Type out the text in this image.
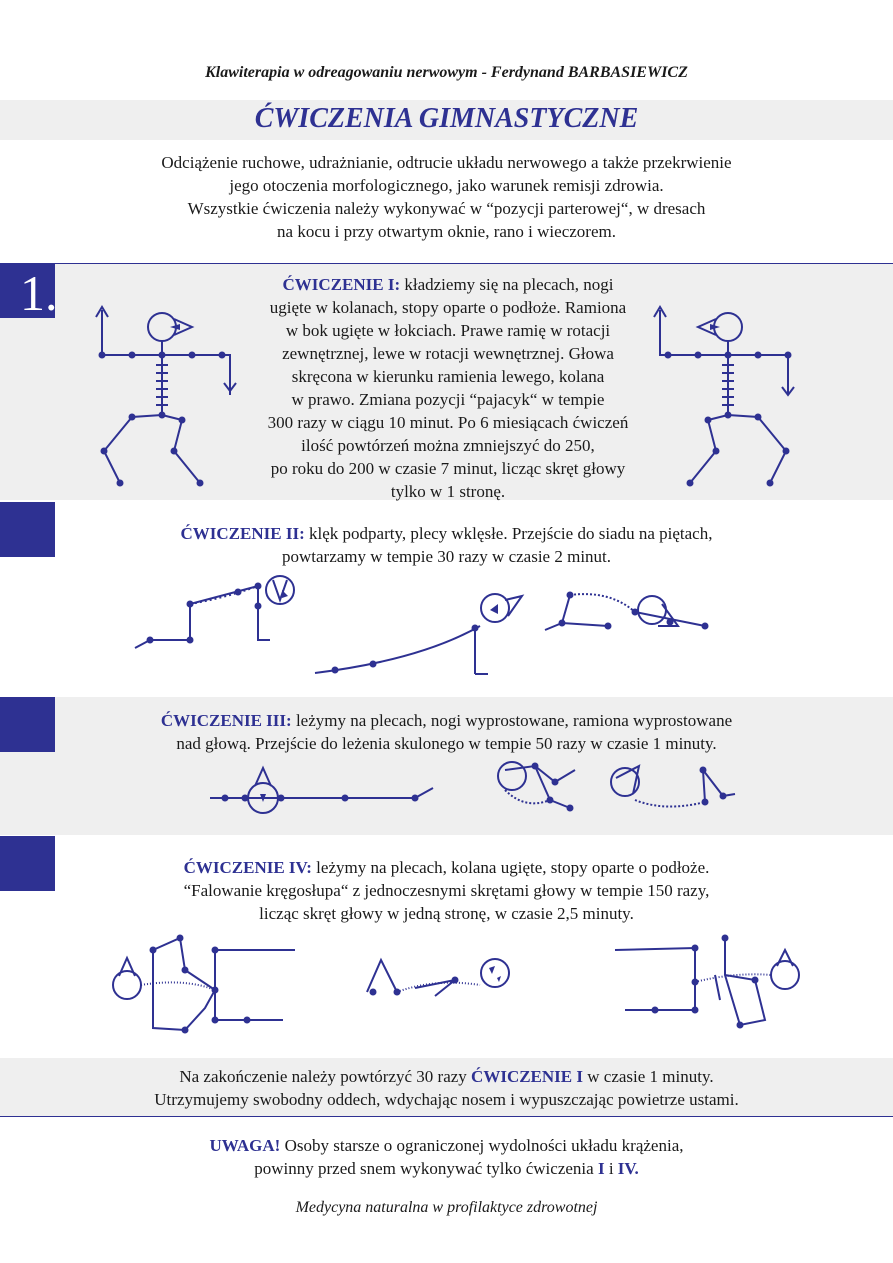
Klawiterapia w odreagowaniu nerwowym - Ferdynand BARBASIEWICZ
ĆWICZENIA GIMNASTYCZNE
Odciążenie ruchowe, udrażnianie, odtrucie układu nerwowego a także przekrwienie
jego otoczenia morfologicznego, jako warunek remisji zdrowia.
Wszystkie ćwiczenia należy wykonywać w “pozycji parterowej“, w dresach
na kocu i przy otwartym oknie, rano i wieczorem.
1.	ĆWICZENIE I: kładziemy się na plecach, nogi
ugięte w kolanach, stopy oparte o podłoże. Ramiona
w bok ugięte w łokciach. Prawe ramię w rotacji
zewnętrznej, lewe w rotacji wewnętrznej. Głowa
skręcona w kierunku ramienia lewego, kolana
w prawo. Zmiana pozycji “pajacyk“ w tempie
300 razy w ciągu 10 minut. Po 6 miesiącach ćwiczeń
ilość powtórzeń można zmniejszyć do 250,
po roku do 200 w czasie 7 minut, licząc skręt głowy
tylko w 1 stronę.
ĆWICZENIE II: klęk podparty, plecy wklęsłe. Przejście do siadu na piętach,
powtarzamy w tempie 30 razy w czasie 2 minut.
ĆWICZENIE III: leżymy na plecach, nogi wyprostowane, ramiona wyprostowane
nad głową. Przejście do leżenia skulonego w tempie 50 razy w czasie 1 minuty.
ĆWICZENIE IV: leżymy na plecach, kolana ugięte, stopy oparte o podłoże.
“Falowanie kręgosłupa“ z jednoczesnymi skrętami głowy w tempie 150 razy,
licząc skręt głowy w jedną stronę, w czasie 2,5 minuty.
Na zakończenie należy powtórzyć 30 razy ĆWICZENIE I w czasie 1 minuty.
Utrzymujemy swobodny oddech, wdychając nosem i wypuszczając powietrze ustami.
UWAGA! Osoby starsze o ograniczonej wydolności układu krążenia,
powinny przed snem wykonywać tylko ćwiczenia I i IV.
Medycyna naturalna w profilaktyce zdrowotnej
